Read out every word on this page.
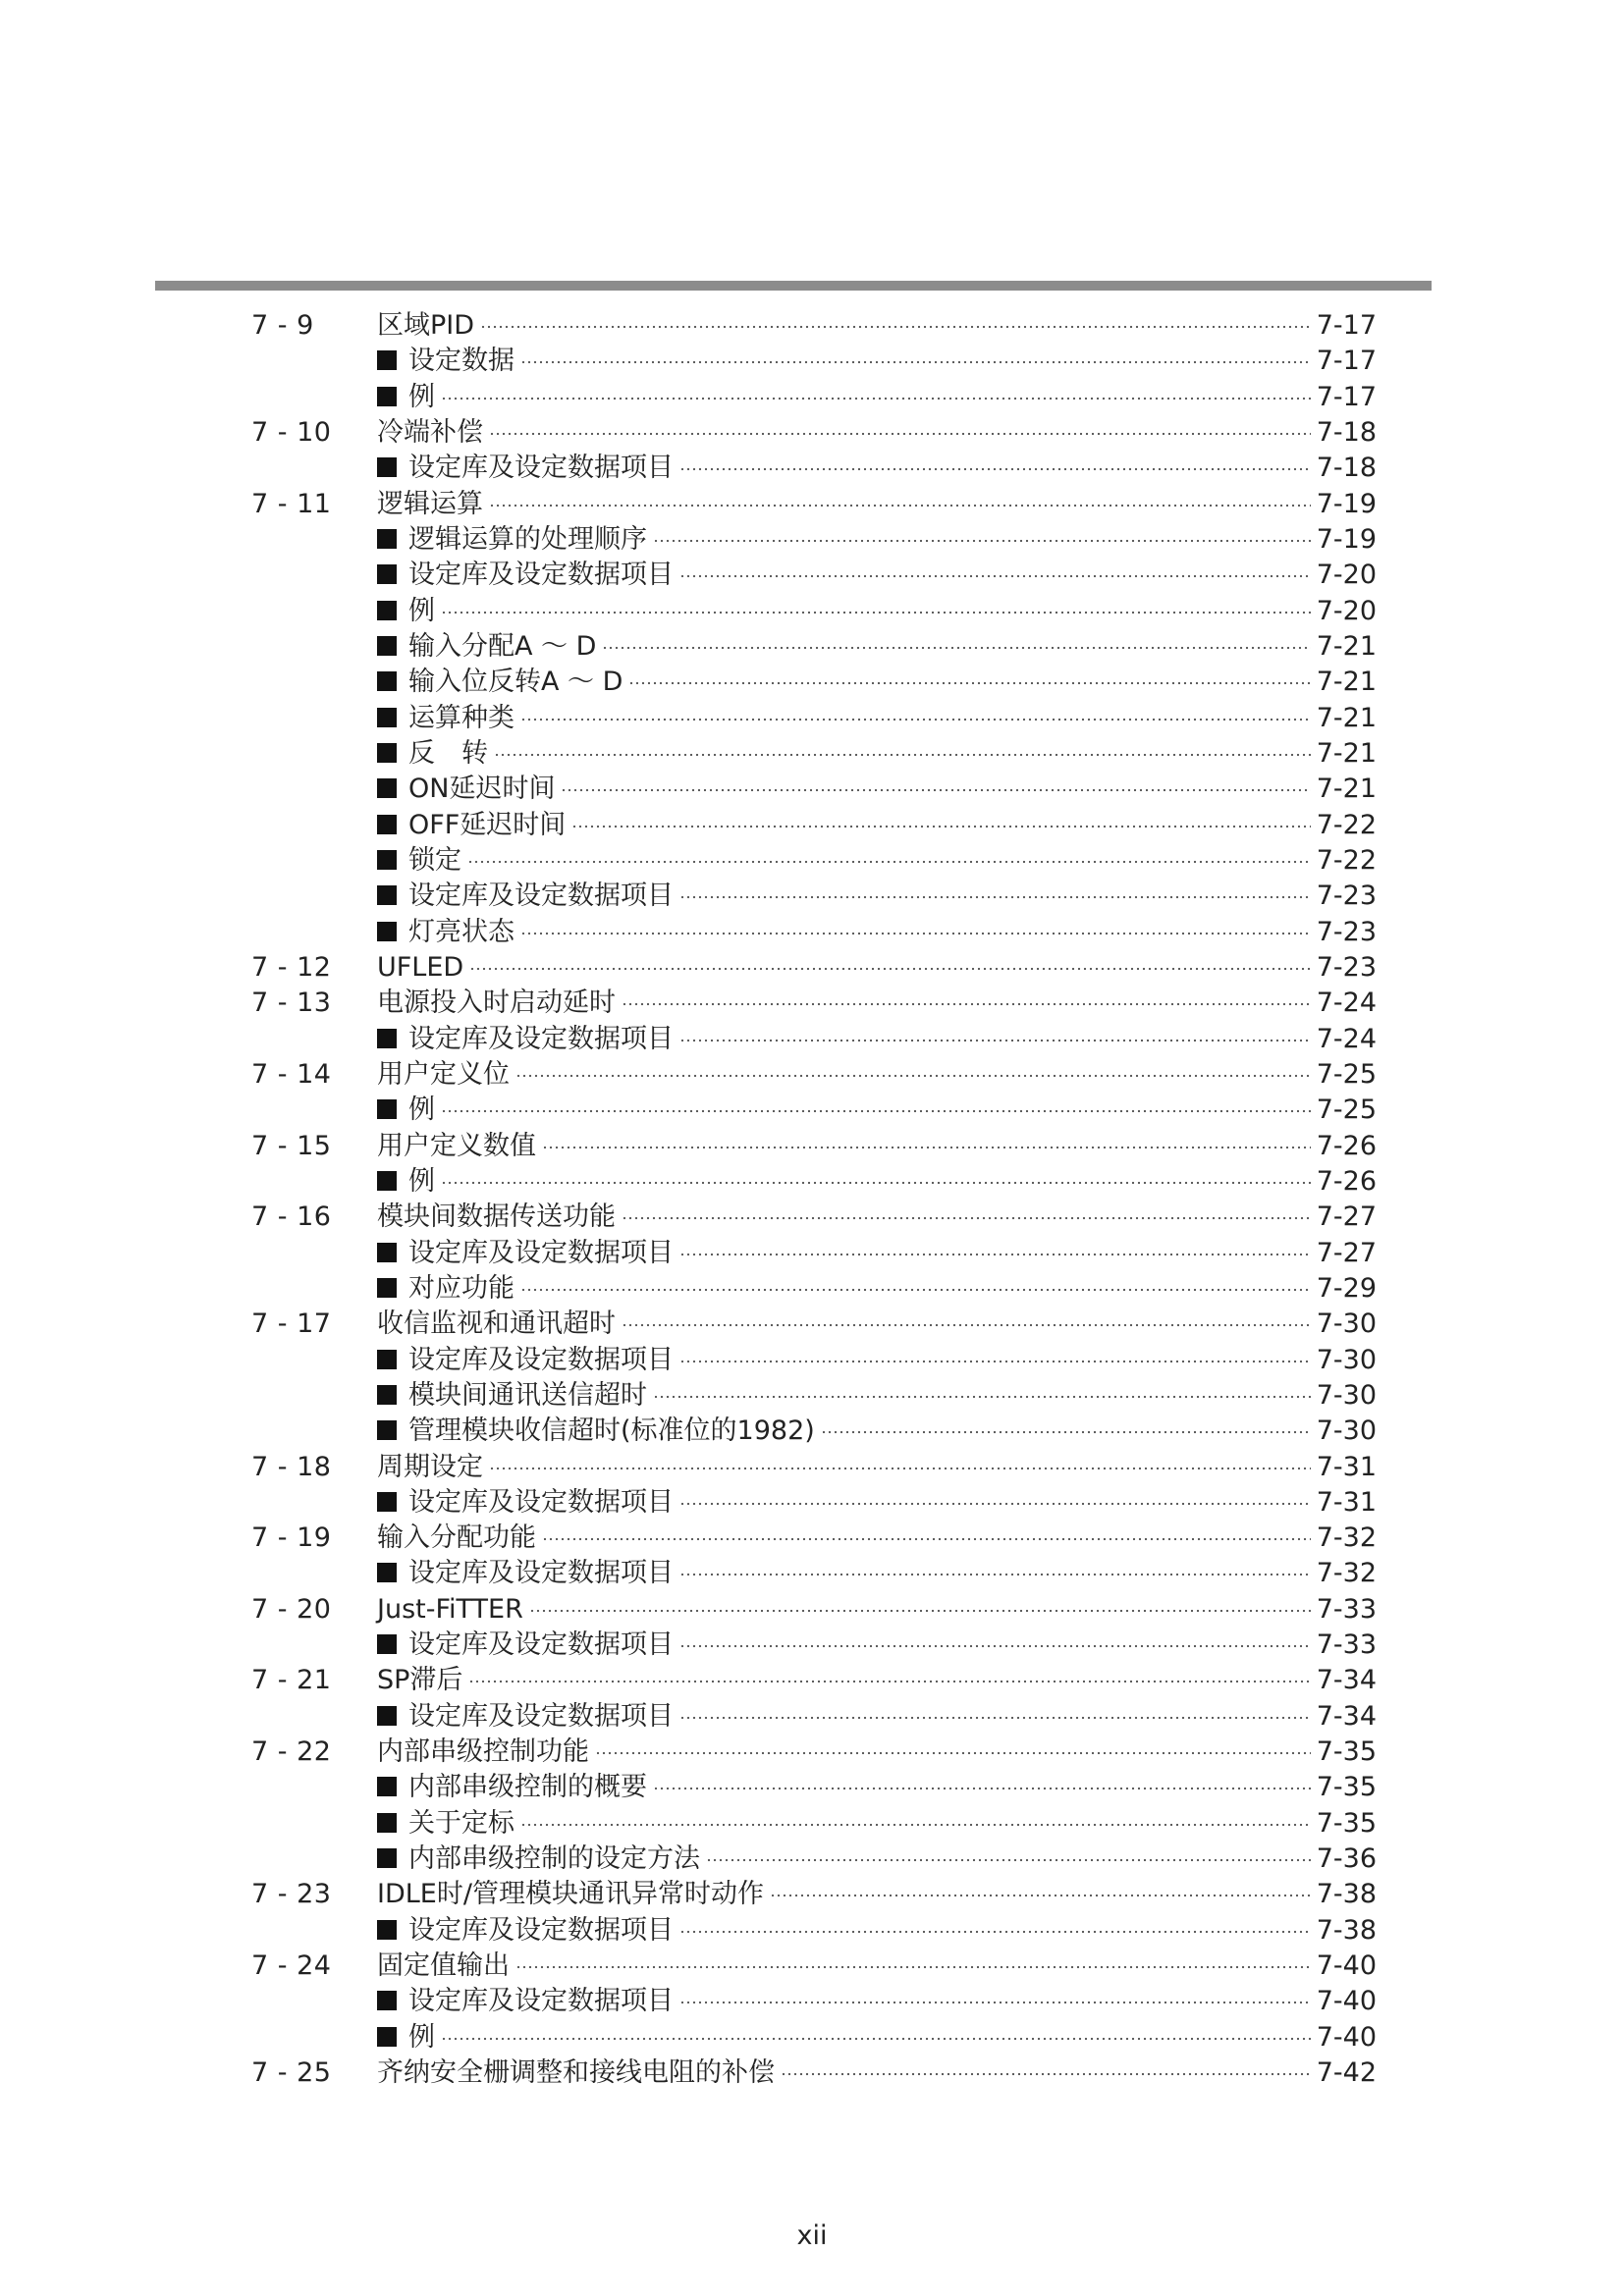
7 - 9 区域PID	7-17
设定数据	7-17
例	7-17
7 - 10 冷端补偿	7-18
设定库及设定数据项目	7-18
7 - 11 逻辑运算	7-19
逻辑运算的处理顺序	7-19
设定库及设定数据项目	7-20
例	7-20
输入分配A ～ D	7-21
输入位反转A ～ D	7-21
运算种类	7-21
反　转	7-21
ON延迟时间	7-21
OFF延迟时间	7-22
锁定	7-22
设定库及设定数据项目	7-23
灯亮状态	7-23
7 - 12 UFLED	7-23
7 - 13 电源投入时启动延时	7-24
设定库及设定数据项目	7-24
7 - 14 用户定义位	7-25
例	7-25
7 - 15 用户定义数值	7-26
例	7-26
7 - 16 模块间数据传送功能	7-27
设定库及设定数据项目	7-27
对应功能	7-29
7 - 17 收信监视和通讯超时	7-30
设定库及设定数据项目	7-30
模块间通讯送信超时	7-30
管理模块收信超时(标准位的1982)	7-30
7 - 18 周期设定	7-31
设定库及设定数据项目	7-31
7 - 19 输入分配功能	7-32
设定库及设定数据项目	7-32
7 - 20 Just-FiTTER	7-33
设定库及设定数据项目	7-33
7 - 21 SP滞后	7-34
设定库及设定数据项目	7-34
7 - 22 内部串级控制功能	7-35
内部串级控制的概要	7-35
关于定标	7-35
内部串级控制的设定方法	7-36
7 - 23 IDLE时/管理模块通讯异常时动作	7-38
设定库及设定数据项目	7-38
7 - 24 固定值输出	7-40
设定库及设定数据项目	7-40
例	7-40
7 - 25 齐纳安全栅调整和接线电阻的补偿	7-42
xii
